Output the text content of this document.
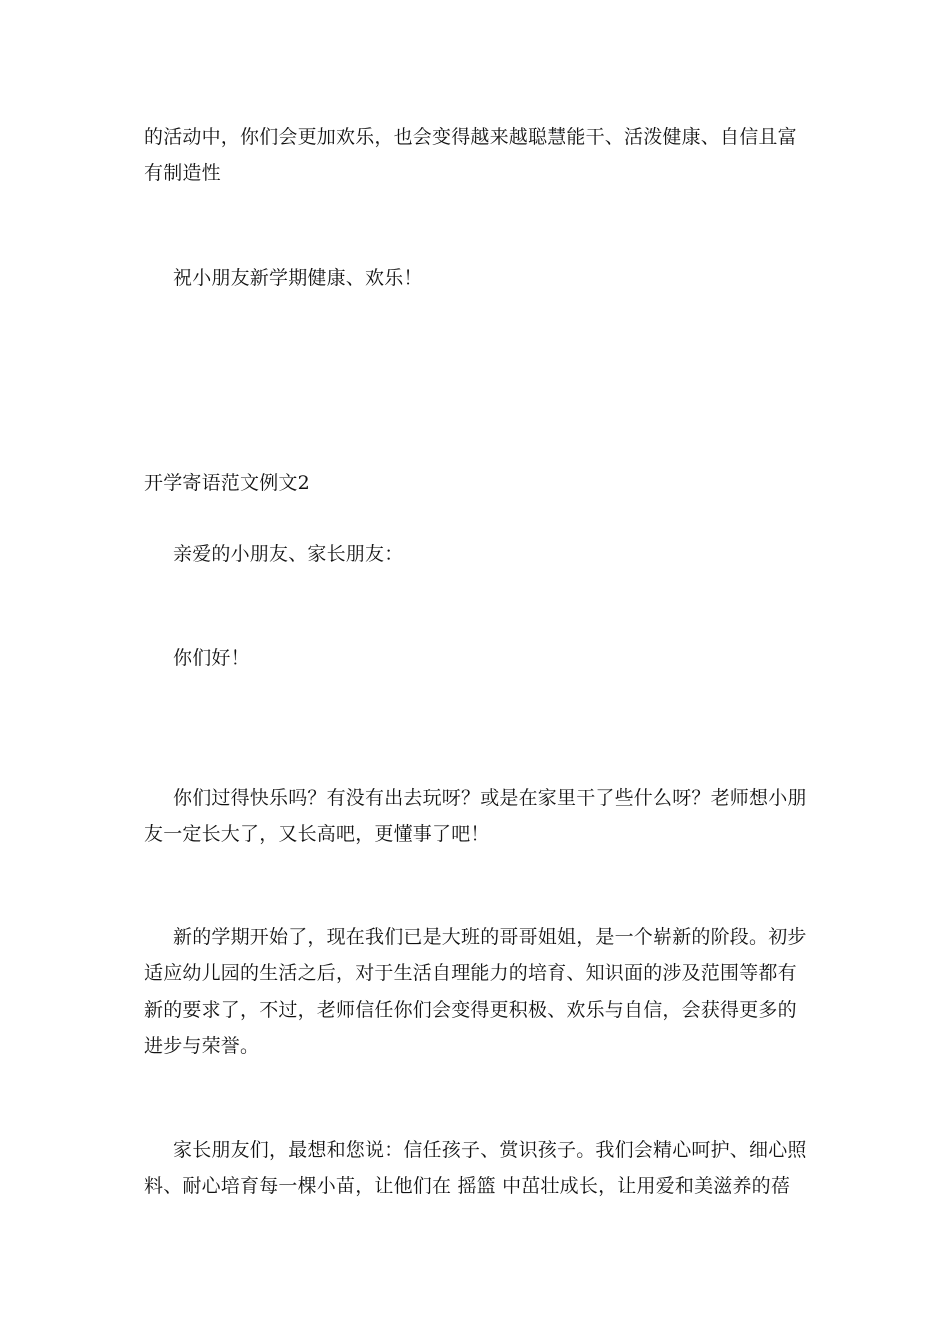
的活动中，你们会更加欢乐，也会变得越来越聪慧能干、活泼健康、自信且富
有制造性
祝小朋友新学期健康、欢乐！
开学寄语范文例文2
亲爱的小朋友、家长朋友：
你们好！
你们过得快乐吗？有没有出去玩呀？或是在家里干了些什么呀？老师想小朋
友一定长大了，又长高吧，更懂事了吧！
新的学期开始了，现在我们已是大班的哥哥姐姐，是一个崭新的阶段。初步
适应幼儿园的生活之后，对于生活自理能力的培育、知识面的涉及范围等都有
新的要求了，不过，老师信任你们会变得更积极、欢乐与自信，会获得更多的
进步与荣誉。
家长朋友们，最想和您说：信任孩子、赏识孩子。我们会精心呵护、细心照
料、耐心培育每一棵小苗，让他们在 摇篮 中茁壮成长，让用爱和美滋养的蓓
